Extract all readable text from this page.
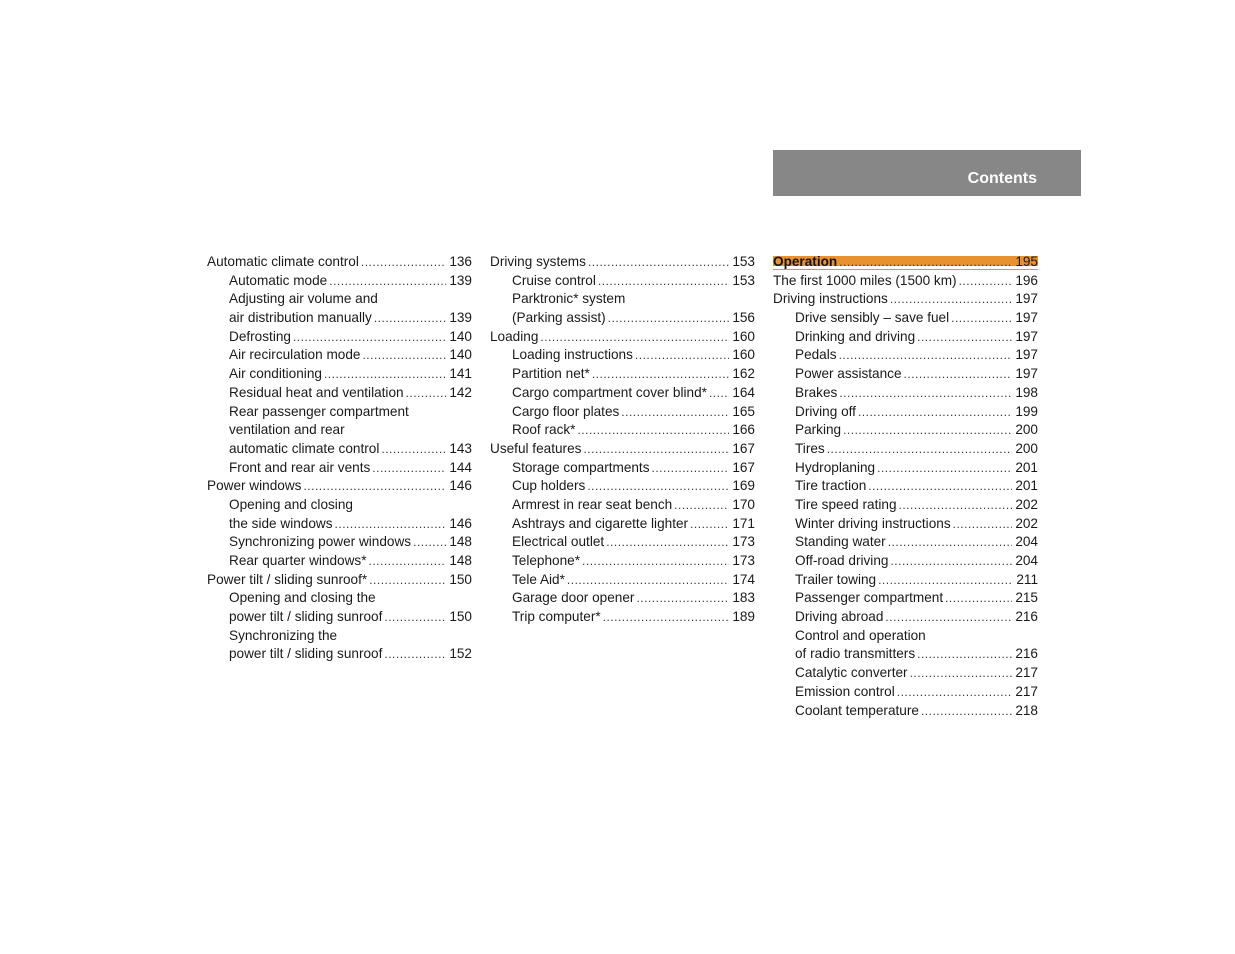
Contents
Automatic climate control .....	136
Automatic mode .....	139
Adjusting air volume and
air distribution manually .....	139
Defrosting .....	140
Air recirculation mode .....	140
Air conditioning .....	141
Residual heat and ventilation .....	142
Rear passenger compartment
ventilation and rear
automatic climate control .....	143
Front and rear air vents .....	144
Power windows .....	146
Opening and closing
the side windows .....	146
Synchronizing power windows .....	148
Rear quarter windows* .....	148
Power tilt / sliding sunroof* .....	150
Opening and closing the
power tilt / sliding sunroof .....	150
Synchronizing the
power tilt / sliding sunroof .....	152
Driving systems .....	153
Cruise control .....	153
Parktronic* system
(Parking assist) .....	156
Loading .....	160
Loading instructions .....	160
Partition net* .....	162
Cargo compartment cover blind* ..... 164
Cargo floor plates .....	165
Roof rack* .....	166
Useful features .....	167
Storage compartments .....	167
Cup holders .....	169
Armrest in rear seat bench .....	170
Ashtrays and cigarette lighter .....	171
Electrical outlet .....	173
Telephone* .....	173
Tele Aid* .....	174
Garage door opener .....	183
Trip computer* .....	189
Operation .....	195
The first 1000 miles (1500 km) .....	196
Driving instructions .....	197
Drive sensibly – save fuel .....	197
Drinking and driving .....	197
Pedals .....	197
Power assistance .....	197
Brakes .....	198
Driving off .....	199
Parking .....	200
Tires .....	200
Hydroplaning .....	201
Tire traction .....	201
Tire speed rating .....	202
Winter driving instructions .....	202
Standing water .....	204
Off-road driving .....	204
Trailer towing .....	211
Passenger compartment .....	215
Driving abroad .....	216
Control and operation
of radio transmitters .....	216
Catalytic converter .....	217
Emission control .....	217
Coolant temperature .....	218
